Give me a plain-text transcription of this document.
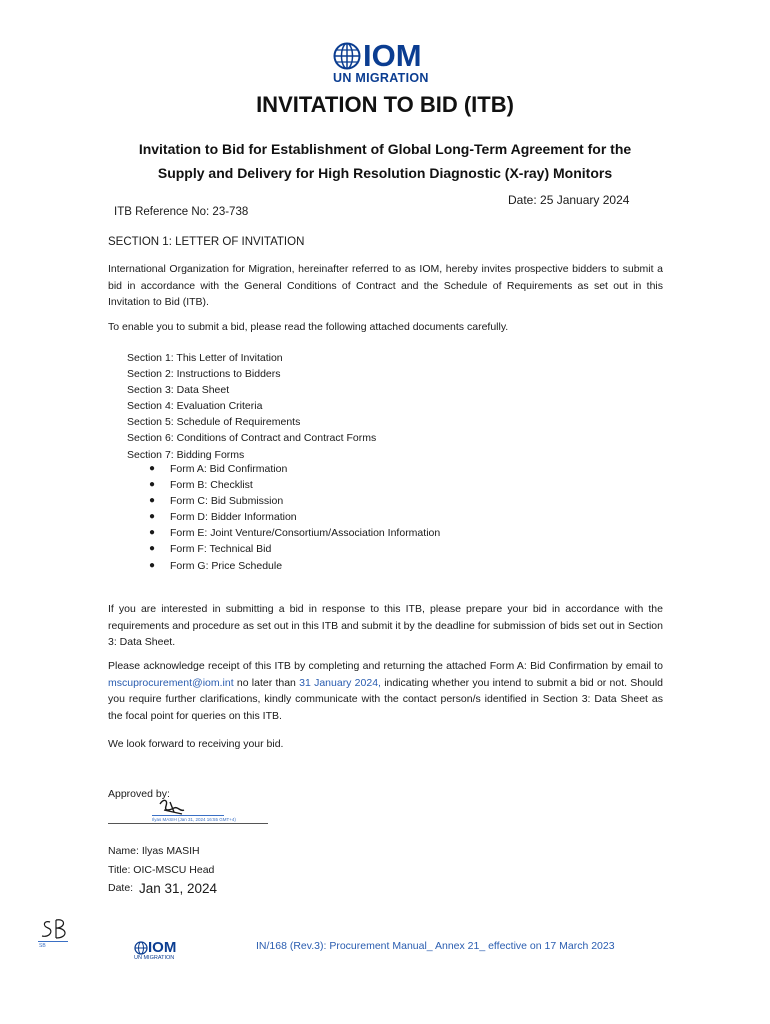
IOM
UN MIGRATION
INVITATION TO BID (ITB)
Invitation to Bid for Establishment of Global Long-Term Agreement for the
Supply and Delivery for High Resolution Diagnostic (X-ray) Monitors
Date: 25 January 2024
ITB Reference No: 23-738
SECTION 1: LETTER OF INVITATION
International Organization for Migration, hereinafter referred to as IOM, hereby invites prospective bidders to submit a bid in accordance with the General Conditions of Contract and the Schedule of Requirements as set out in this Invitation to Bid (ITB).
To enable you to submit a bid, please read the following attached documents carefully.
Section 1: This Letter of Invitation
Section 2: Instructions to Bidders
Section 3: Data Sheet
Section 4: Evaluation Criteria
Section 5: Schedule of Requirements
Section 6: Conditions of Contract and Contract Forms
Section 7: Bidding Forms
● Form A: Bid Confirmation
● Form B: Checklist
● Form C: Bid Submission
● Form D: Bidder Information
● Form E: Joint Venture/Consortium/Association Information
● Form F: Technical Bid
● Form G: Price Schedule
If you are interested in submitting a bid in response to this ITB, please prepare your bid in accordance with the requirements and procedure as set out in this ITB and submit it by the deadline for submission of bids set out in Section 3: Data Sheet.
Please acknowledge receipt of this ITB by completing and returning the attached Form A: Bid Confirmation by email to mscuprocurement@iom.int no later than 31 January 2024, indicating whether you intend to submit a bid or not. Should you require further clarifications, kindly communicate with the contact person/s identified in Section 3: Data Sheet as the focal point for queries on this ITB.
We look forward to receiving your bid.
Approved by:
Ilyas MASIH (Jan 31, 2024 16:55 GMT+4)
Name: Ilyas MASIH
Title: OIC-MSCU Head
Date: Jan 31, 2024
SB	IOM
UN MIGRATION
IN/168 (Rev.3): Procurement Manual_ Annex 21_ effective on 17 March 2023
